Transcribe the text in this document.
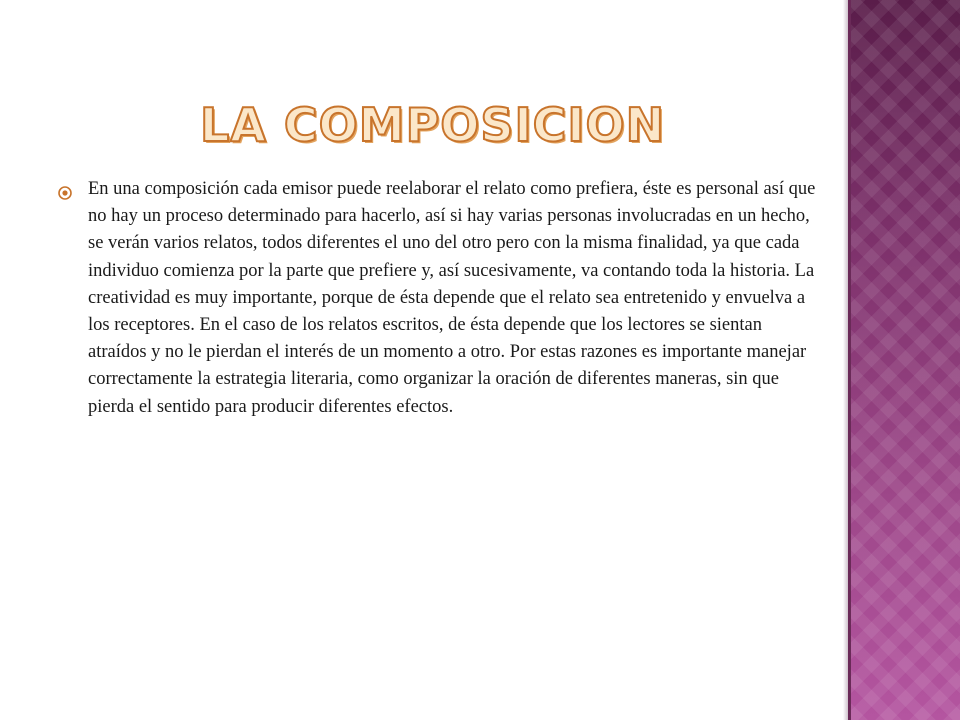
LA COMPOSICION

En una composición cada emisor puede reelaborar el relato como prefiera, éste es personal así que no hay un proceso determinado para hacerlo, así si hay varias personas involucradas en un hecho, se verán varios relatos, todos diferentes el uno del otro pero con la misma finalidad, ya que cada individuo comienza por la parte que prefiere y, así sucesivamente, va contando toda la historia. La creatividad es muy importante, porque de ésta depende que el relato sea entretenido y envuelva a los receptores. En el caso de los relatos escritos, de ésta depende que los lectores se sientan atraídos y no le pierdan el interés de un momento a otro. Por estas razones es importante manejar correctamente la estrategia literaria, como organizar la oración de diferentes maneras, sin que pierda el sentido para producir diferentes efectos.
